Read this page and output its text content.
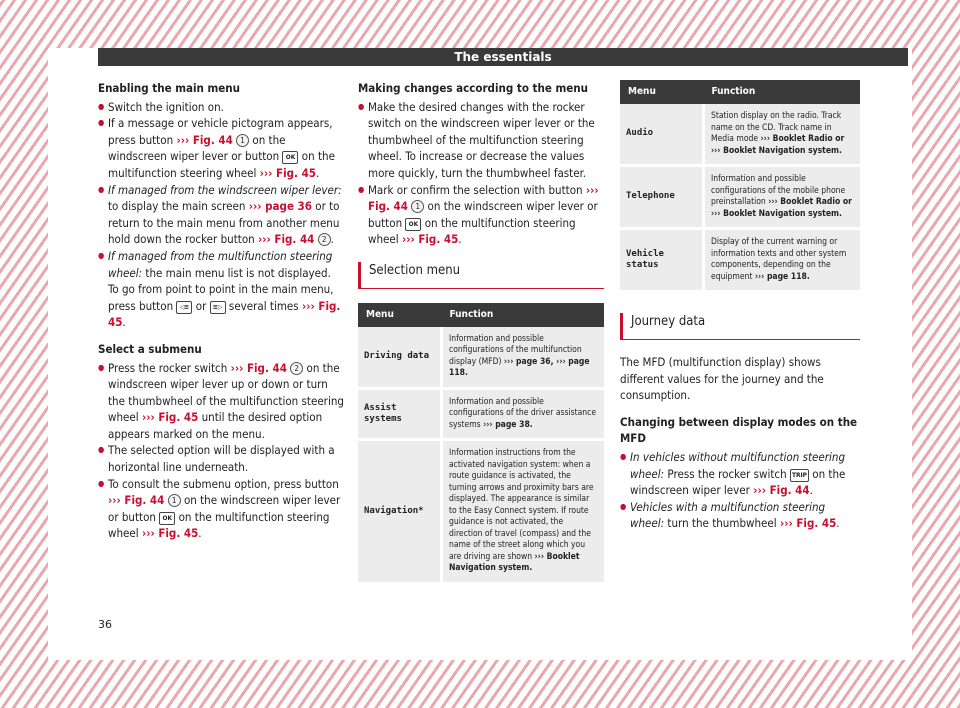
The essentials

Enabling the main menu

● Switch the ignition on.

● If a message or vehicle pictogram appears, press button ››› Fig. 44 1 on the windscreen wiper lever or button OK on the multifunction steering wheel ››› Fig. 45.

● If managed from the windscreen wiper lever: to display the main screen ››› page 36 or to return to the main menu from another menu hold down the rocker button ››› Fig. 44 2 .

● If managed from the multifunction steering wheel: the main menu list is not displayed. To go from point to point in the main menu, press button ◁≡ or ≡▷ several times ››› Fig. 45.

Select a submenu

● Press the rocker switch ››› Fig. 44 2 on the windscreen wiper lever up or down or turn the thumbwheel of the multifunction steering wheel ››› Fig. 45 until the desired option appears marked on the menu.

● The selected option will be displayed with a horizontal line underneath.

● To consult the submenu option, press button ››› Fig. 44 1 on the windscreen wiper lever or button OK on the multifunction steering wheel ››› Fig. 45.

Making changes according to the menu

● Make the desired changes with the rocker switch on the windscreen wiper lever or the thumbwheel of the multifunction steering wheel. To increase or decrease the values more quickly, turn the thumbwheel faster.

● Mark or confirm the selection with button ››› Fig. 44 1 on the windscreen wiper lever or button OK on the multifunction steering wheel ››› Fig. 45.

Selection menu
Menu	Function
Driving data	Information and possible configurations of the multifunction display (MFD) ››› page 36, ››› page 118.
Assist systems	Information and possible configurations of the driver assistance systems ››› page 38.
Navigation*	Information instructions from the activated navigation system: when a route guidance is activated, the turning arrows and proximity bars are displayed. The appearance is similar to the Easy Connect system. If route guidance is not activated, the direction of travel (compass) and the name of the street along which you are driving are shown ››› Booklet Navigation system.
Menu	Function
Audio	Station display on the radio. Track name on the CD. Track name in Media mode ››› Booklet Radio or ››› Booklet Navigation system.
Telephone	Information and possible configurations of the mobile phone preinstallation ››› Booklet Radio or ››› Booklet Navigation system.
Vehicle status	Display of the current warning or information texts and other system components, depending on the equipment ››› page 118.
Journey data

The MFD (multifunction display) shows different values for the journey and the consumption.

Changing between display modes on the MFD

● In vehicles without multifunction steering wheel: Press the rocker switch TRIP on the windscreen wiper lever ››› Fig. 44.

● Vehicles with a multifunction steering wheel: turn the thumbwheel ››› Fig. 45.

36
